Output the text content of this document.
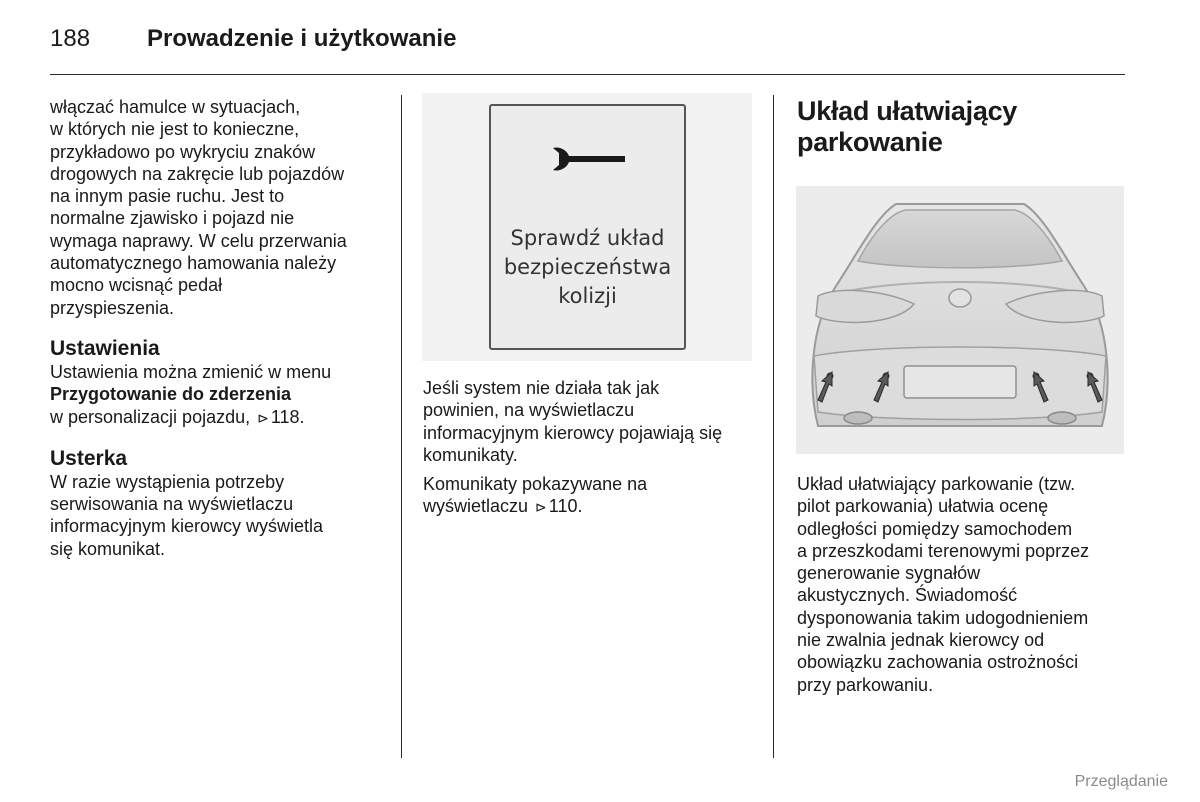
188 Prowadzenie i użytkowanie

włączać hamulce w sytuacjach,
w których nie jest to konieczne,
przykładowo po wykryciu znaków
drogowych na zakręcie lub pojazdów
na innym pasie ruchu. Jest to
normalne zjawisko i pojazd nie
wymaga naprawy. W celu przerwania
automatycznego hamowania należy
mocno wcisnąć pedał
przyspieszenia.

Ustawienia

Ustawienia można zmienić w menu
Przygotowanie do zderzenia
w personalizacji pojazdu, ⊳ 118.

Usterka

W razie wystąpienia potrzeby
serwisowania na wyświetlaczu
informacyjnym kierowcy wyświetla
się komunikat.

Sprawdź układ
bezpieczeństwa
kolizji

Jeśli system nie działa tak jak
powinien, na wyświetlaczu
informacyjnym kierowcy pojawiają się
komunikaty.

Komunikaty pokazywane na
wyświetlaczu ⊳ 110.

Układ ułatwiający
parkowanie

Układ ułatwiający parkowanie (tzw.
pilot parkowania) ułatwia ocenę
odległości pomiędzy samochodem
a przeszkodami terenowymi poprzez
generowanie sygnałów
akustycznych. Świadomość
dysponowania takim udogodnieniem
nie zwalnia jednak kierowcy od
obowiązku zachowania ostrożności
przy parkowaniu.

Przeglądanie
